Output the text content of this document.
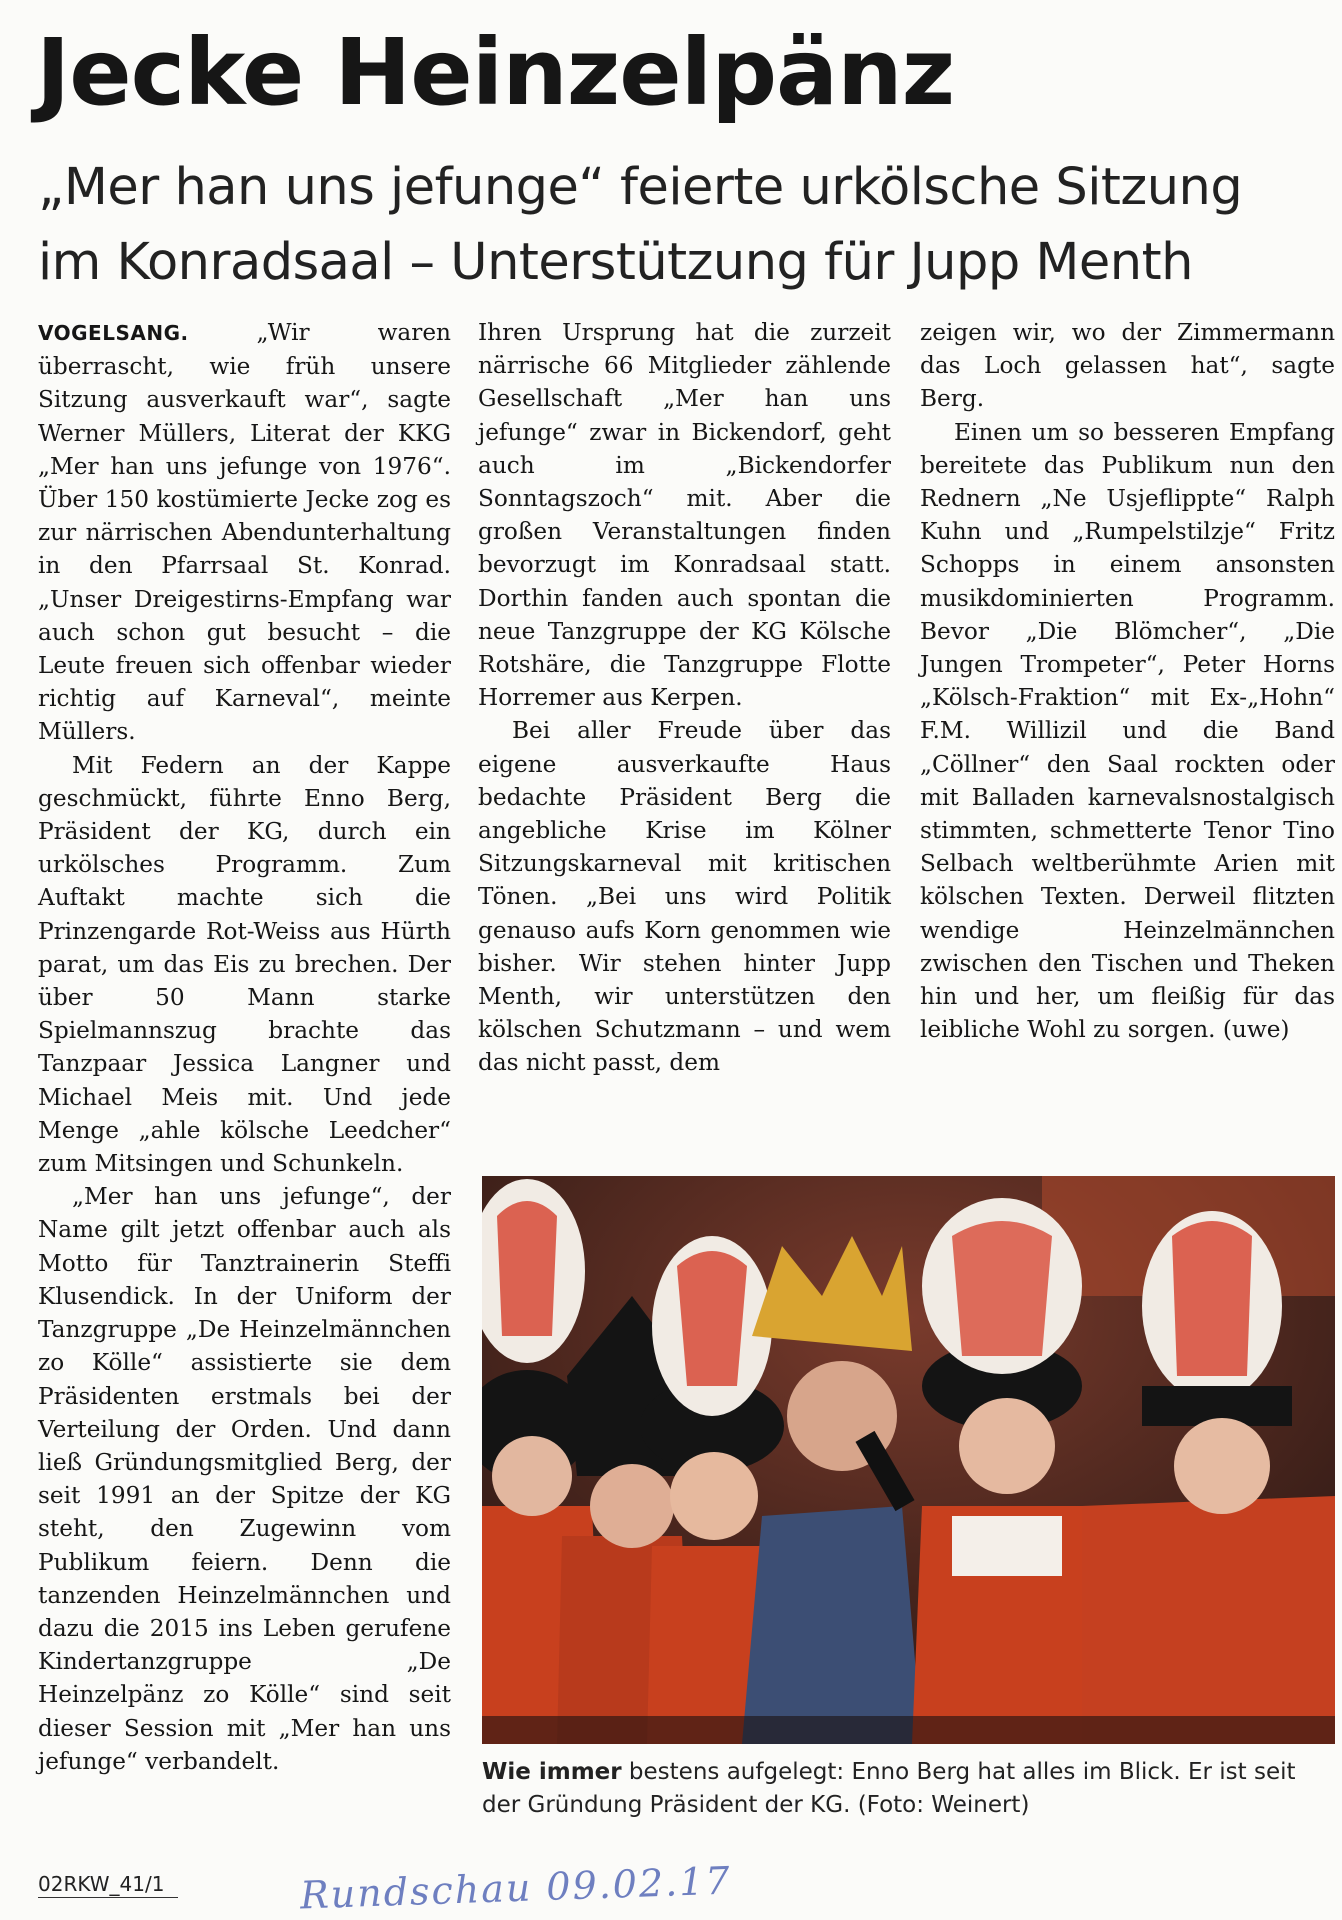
Jecke Heinzelpänz
„Mer han uns jefunge“ feierte urkölsche Sitzung
im Konradsaal – Unterstützung für Jupp Menth

VOGELSANG.	„Wir waren überrascht, wie früh unsere Sitzung ausverkauft war“, sagte Werner Müllers, Literat der KKG „Mer han uns jefunge von 1976“. Über 150 kostümierte Jecke zog es zur närrischen Abendunterhaltung in den Pfarrsaal St. Konrad. „Unser Dreigestirns-Empfang war auch schon gut besucht – die Leute freuen sich offenbar wieder richtig auf Karneval“, meinte Müllers.

Mit Federn an der Kappe geschmückt, führte Enno Berg, Präsident der KG, durch ein urkölsches Programm. Zum Auftakt machte sich die Prinzengarde Rot-Weiss aus Hürth parat, um das Eis zu brechen. Der über 50 Mann starke Spielmannszug brachte das Tanzpaar Jessica Langner und Michael Meis mit. Und jede Menge „ahle kölsche Leedcher“ zum Mitsingen und Schunkeln.

„Mer han uns jefunge“, der Name gilt jetzt offenbar auch als Motto für Tanztrainerin Steffi Klusendick. In der Uniform der Tanzgruppe „De Heinzelmännchen zo Kölle“ assistierte sie dem Präsidenten erstmals bei der Verteilung der Orden. Und dann ließ Gründungsmitglied Berg, der seit 1991 an der Spitze der KG steht, den Zugewinn vom Publikum feiern. Denn die tanzenden Heinzelmännchen und dazu die 2015 ins Leben gerufene Kindertanzgruppe „De Heinzelpänz zo Kölle“ sind seit dieser Session mit „Mer han uns jefunge“ verbandelt.

Ihren Ursprung hat die zurzeit närrische 66 Mitglieder zählende Gesellschaft „Mer han uns jefunge“ zwar in Bickendorf, geht auch im „Bickendorfer Sonntagszoch“ mit. Aber die großen Veranstaltungen finden bevorzugt im Konradsaal statt. Dorthin fanden auch spontan die neue Tanzgruppe der KG Kölsche Rotshäre, die Tanzgruppe Flotte Horremer aus Kerpen.

Bei aller Freude über das eigene ausverkaufte Haus bedachte Präsident Berg die angebliche Krise im Kölner Sitzungskarneval mit kritischen Tönen. „Bei uns wird Politik genauso aufs Korn genommen wie bisher. Wir stehen hinter Jupp Menth, wir unterstützen den kölschen Schutzmann – und wem das nicht passt, dem

zeigen wir, wo der Zimmermann das Loch gelassen hat“, sagte Berg.

Einen um so besseren Empfang bereitete das Publikum nun den Rednern „Ne Usjeflippte“ Ralph Kuhn und „Rumpelstilzje“ Fritz Schopps in einem ansonsten musikdominierten Programm. Bevor „Die Blömcher“, „Die Jungen Trompeter“, Peter Horns „Kölsch-Fraktion“ mit Ex-„Hohn“ F.M. Willizil und die Band „Cöllner“ den Saal rockten oder mit Balladen karnevalsnostalgisch stimmten, schmetterte Tenor Tino Selbach weltberühmte Arien mit kölschen Texten. Derweil flitzten wendige Heinzelmännchen zwischen den Tischen und Theken hin und her, um fleißig für das leibliche Wohl zu sorgen. (uwe)

Wie immer bestens aufgelegt: Enno Berg hat alles im Blick. Er ist seit der Gründung Präsident der KG. (Foto: Weinert)
02RKW_41/1	Rundschau 09.02.17
